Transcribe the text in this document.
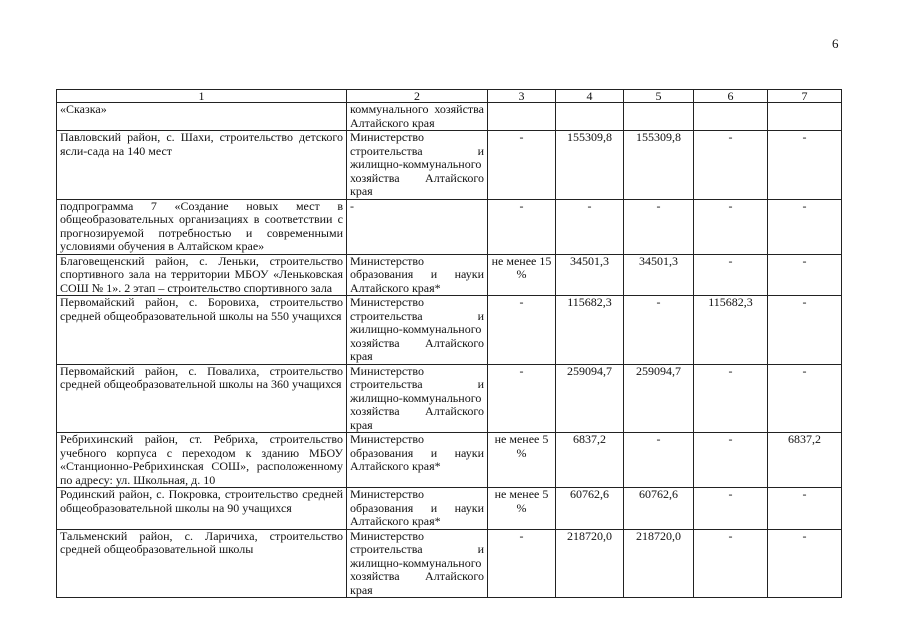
6
1	2	3	4	5	6	7
«Сказка»	коммунального хозяйства Алтайского края					
Павловский район, с. Шахи, строительство детского ясли-сада на 140 мест	Министерство строительства и жилищно-коммунального хозяйства Алтайского края	-	155309,8	155309,8	-	-
подпрограмма 7 «Создание новых мест в общеобразовательных организациях в соответствии с прогнозируемой потребностью и современными условиями обучения в Алтайском крае»	-	-	-	-	-	-
Благовещенский район, с. Леньки, строительство спортивного зала на территории МБОУ «Леньковская СОШ № 1». 2 этап – строительство спортивного зала	Министерство образования и науки Алтайского края*	не менее 15 %	34501,3	34501,3	-	-
Первомайский район, с. Боровиха, строительство средней общеобразовательной школы на 550 учащихся	Министерство строительства и жилищно-коммунального хозяйства Алтайского края	-	115682,3	-	115682,3	-
Первомайский район, с. Повалиха, строительство средней общеобразовательной школы на 360 учащихся	Министерство строительства и жилищно-коммунального хозяйства Алтайского края	-	259094,7	259094,7	-	-
Ребрихинский район, ст. Ребриха, строительство учебного корпуса с переходом к зданию МБОУ «Станционно-Ребрихинская СОШ», расположенному по адресу: ул. Школьная, д. 10	Министерство образования и науки Алтайского края*	не менее 5 %	6837,2	-	-	6837,2
Родинский район, с. Покровка, строительство средней общеобразовательной школы на 90 учащихся	Министерство образования и науки Алтайского края*	не менее 5 %	60762,6	60762,6	-	-
Тальменский район, с. Ларичиха, строительство средней общеобразовательной школы	Министерство строительства и жилищно-коммунального хозяйства Алтайского края	-	218720,0	218720,0	-	-
